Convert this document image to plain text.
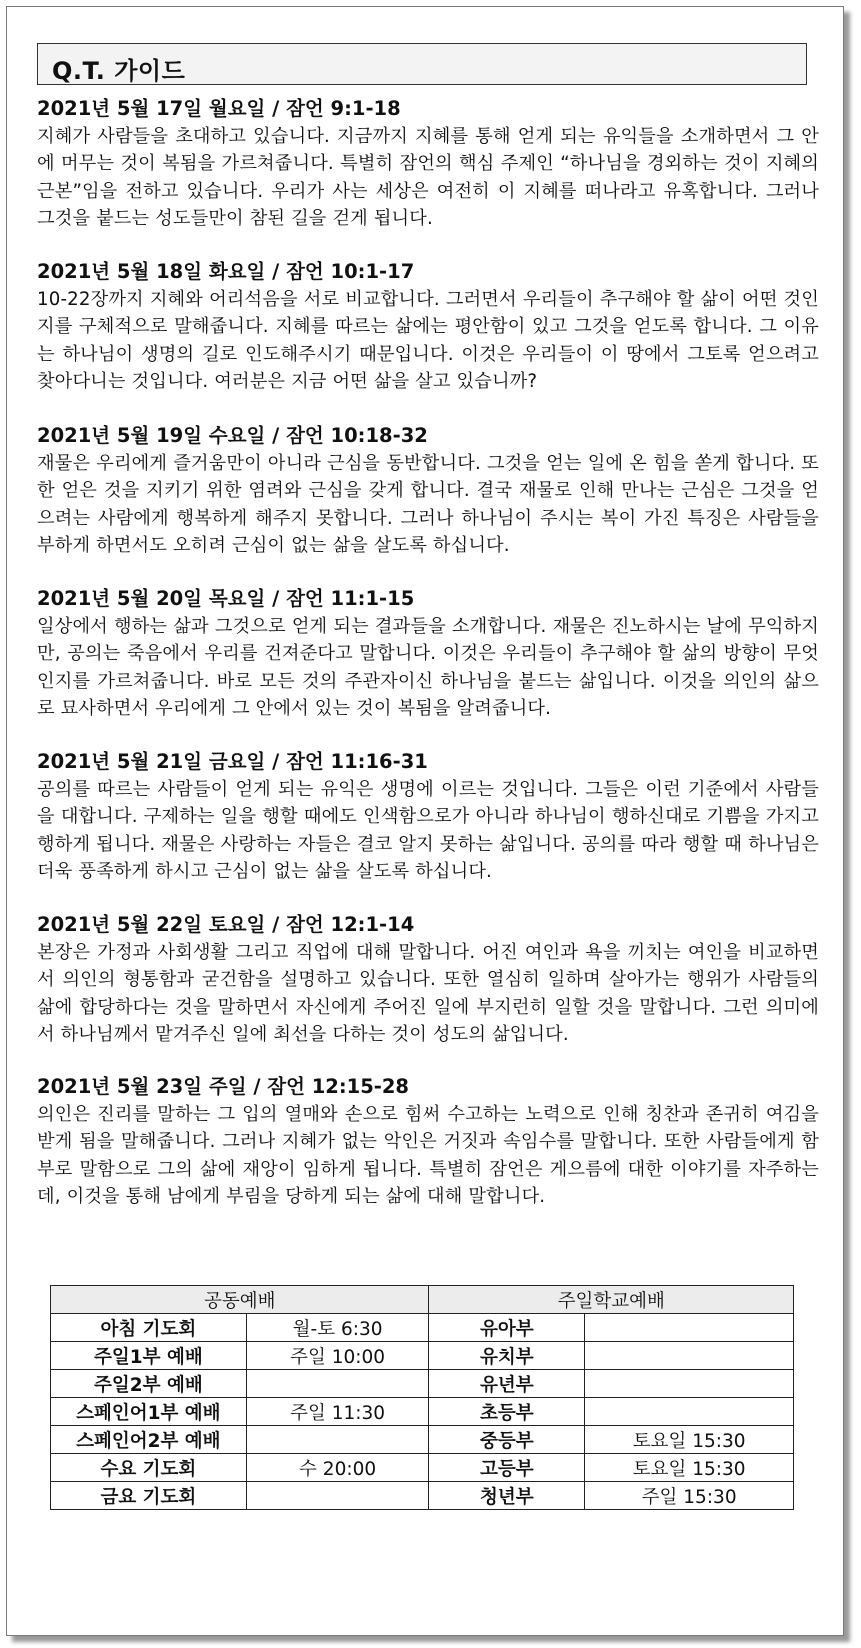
Q.T. 가이드
2021년 5월 17일 월요일 / 잠언 9:1-18

지혜가 사람들을 초대하고 있습니다. 지금까지 지혜를 통해 얻게 되는 유익들을 소개하면서 그 안에 머무는 것이 복됨을 가르쳐줍니다. 특별히 잠언의 핵심 주제인 “하나님을 경외하는 것이 지혜의 근본”임을 전하고 있습니다. 우리가 사는 세상은 여전히 이 지혜를 떠나라고 유혹합니다. 그러나 그것을 붙드는 성도들만이 참된 길을 걷게 됩니다.

2021년 5월 18일 화요일 / 잠언 10:1-17

10-22장까지 지혜와 어리석음을 서로 비교합니다. 그러면서 우리들이 추구해야 할 삶이 어떤 것인지를 구체적으로 말해줍니다. 지혜를 따르는 삶에는 평안함이 있고 그것을 얻도록 합니다. 그 이유는 하나님이 생명의 길로 인도해주시기 때문입니다. 이것은 우리들이 이 땅에서 그토록 얻으려고 찾아다니는 것입니다. 여러분은 지금 어떤 삶을 살고 있습니까?

2021년 5월 19일 수요일 / 잠언 10:18-32

재물은 우리에게 즐거움만이 아니라 근심을 동반합니다. 그것을 얻는 일에 온 힘을 쏟게 합니다. 또한 얻은 것을 지키기 위한 염려와 근심을 갖게 합니다. 결국 재물로 인해 만나는 근심은 그것을 얻으려는 사람에게 행복하게 해주지 못합니다. 그러나 하나님이 주시는 복이 가진 특징은 사람들을 부하게 하면서도 오히려 근심이 없는 삶을 살도록 하십니다.

2021년 5월 20일 목요일 / 잠언 11:1-15

일상에서 행하는 삶과 그것으로 얻게 되는 결과들을 소개합니다. 재물은 진노하시는 날에 무익하지만, 공의는 죽음에서 우리를 건져준다고 말합니다. 이것은 우리들이 추구해야 할 삶의 방향이 무엇인지를 가르쳐줍니다. 바로 모든 것의 주관자이신 하나님을 붙드는 삶입니다. 이것을 의인의 삶으로 묘사하면서 우리에게 그 안에서 있는 것이 복됨을 알려줍니다.

2021년 5월 21일 금요일 / 잠언 11:16-31

공의를 따르는 사람들이 얻게 되는 유익은 생명에 이르는 것입니다. 그들은 이런 기준에서 사람들을 대합니다. 구제하는 일을 행할 때에도 인색함으로가 아니라 하나님이 행하신대로 기쁨을 가지고 행하게 됩니다. 재물은 사랑하는 자들은 결코 알지 못하는 삶입니다. 공의를 따라 행할 때 하나님은 더욱 풍족하게 하시고 근심이 없는 삶을 살도록 하십니다.

2021년 5월 22일 토요일 / 잠언 12:1-14

본장은 가정과 사회생활 그리고 직업에 대해 말합니다. 어진 여인과 욕을 끼치는 여인을 비교하면서 의인의 형통함과 굳건함을 설명하고 있습니다. 또한 열심히 일하며 살아가는 행위가 사람들의 삶에 합당하다는 것을 말하면서 자신에게 주어진 일에 부지런히 일할 것을 말합니다. 그런 의미에서 하나님께서 맡겨주신 일에 최선을 다하는 것이 성도의 삶입니다.

2021년 5월 23일 주일 / 잠언 12:15-28

의인은 진리를 말하는 그 입의 열매와 손으로 힘써 수고하는 노력으로 인해 칭찬과 존귀히 여김을 받게 됨을 말해줍니다. 그러나 지혜가 없는 악인은 거짓과 속임수를 말합니다. 또한 사람들에게 함부로 말함으로 그의 삶에 재앙이 임하게 됩니다. 특별히 잠언은 게으름에 대한 이야기를 자주하는데, 이것을 통해 남에게 부림을 당하게 되는 삶에 대해 말합니다.

공동예배		주일학교예배	
아침 기도회	월-토 6:30	유아부	
주일1부 예배	주일 10:00	유치부	
주일2부 예배		유년부	
스페인어1부 예배	주일 11:30	초등부	
스페인어2부 예배		중등부	토요일 15:30
수요 기도회	수 20:00	고등부	토요일 15:30
금요 기도회		청년부	주일 15:30
